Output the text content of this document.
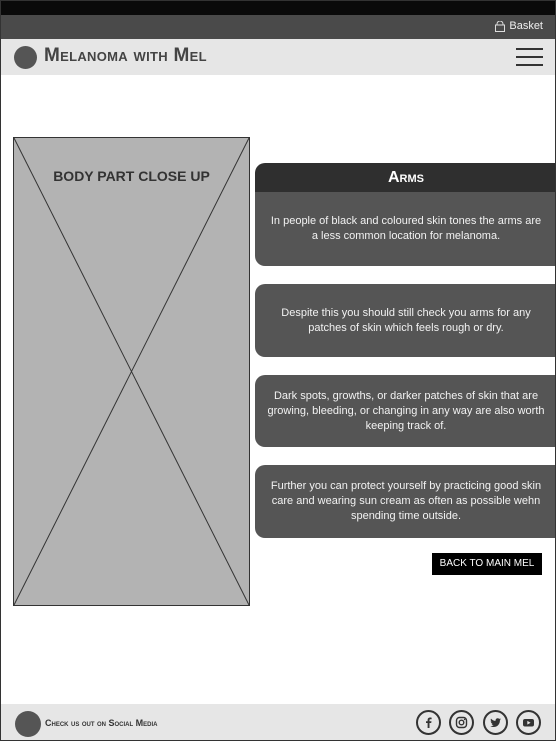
Basket
Melanoma with Mel
BODY PART CLOSE UP	Arms
In people of black and coloured skin tones the arms are a less common location for melanoma.
Despite this you should still check you arms for any patches of skin which feels rough or dry.
Dark spots, growths, or darker patches of skin that are growing, bleeding, or changing in any way are also worth keeping track of.
Further you can protect yourself by practicing good skin care and wearing sun cream as often as possible wehn spending time outside.
BACK TO MAIN MEL
Check us out on Social Media
